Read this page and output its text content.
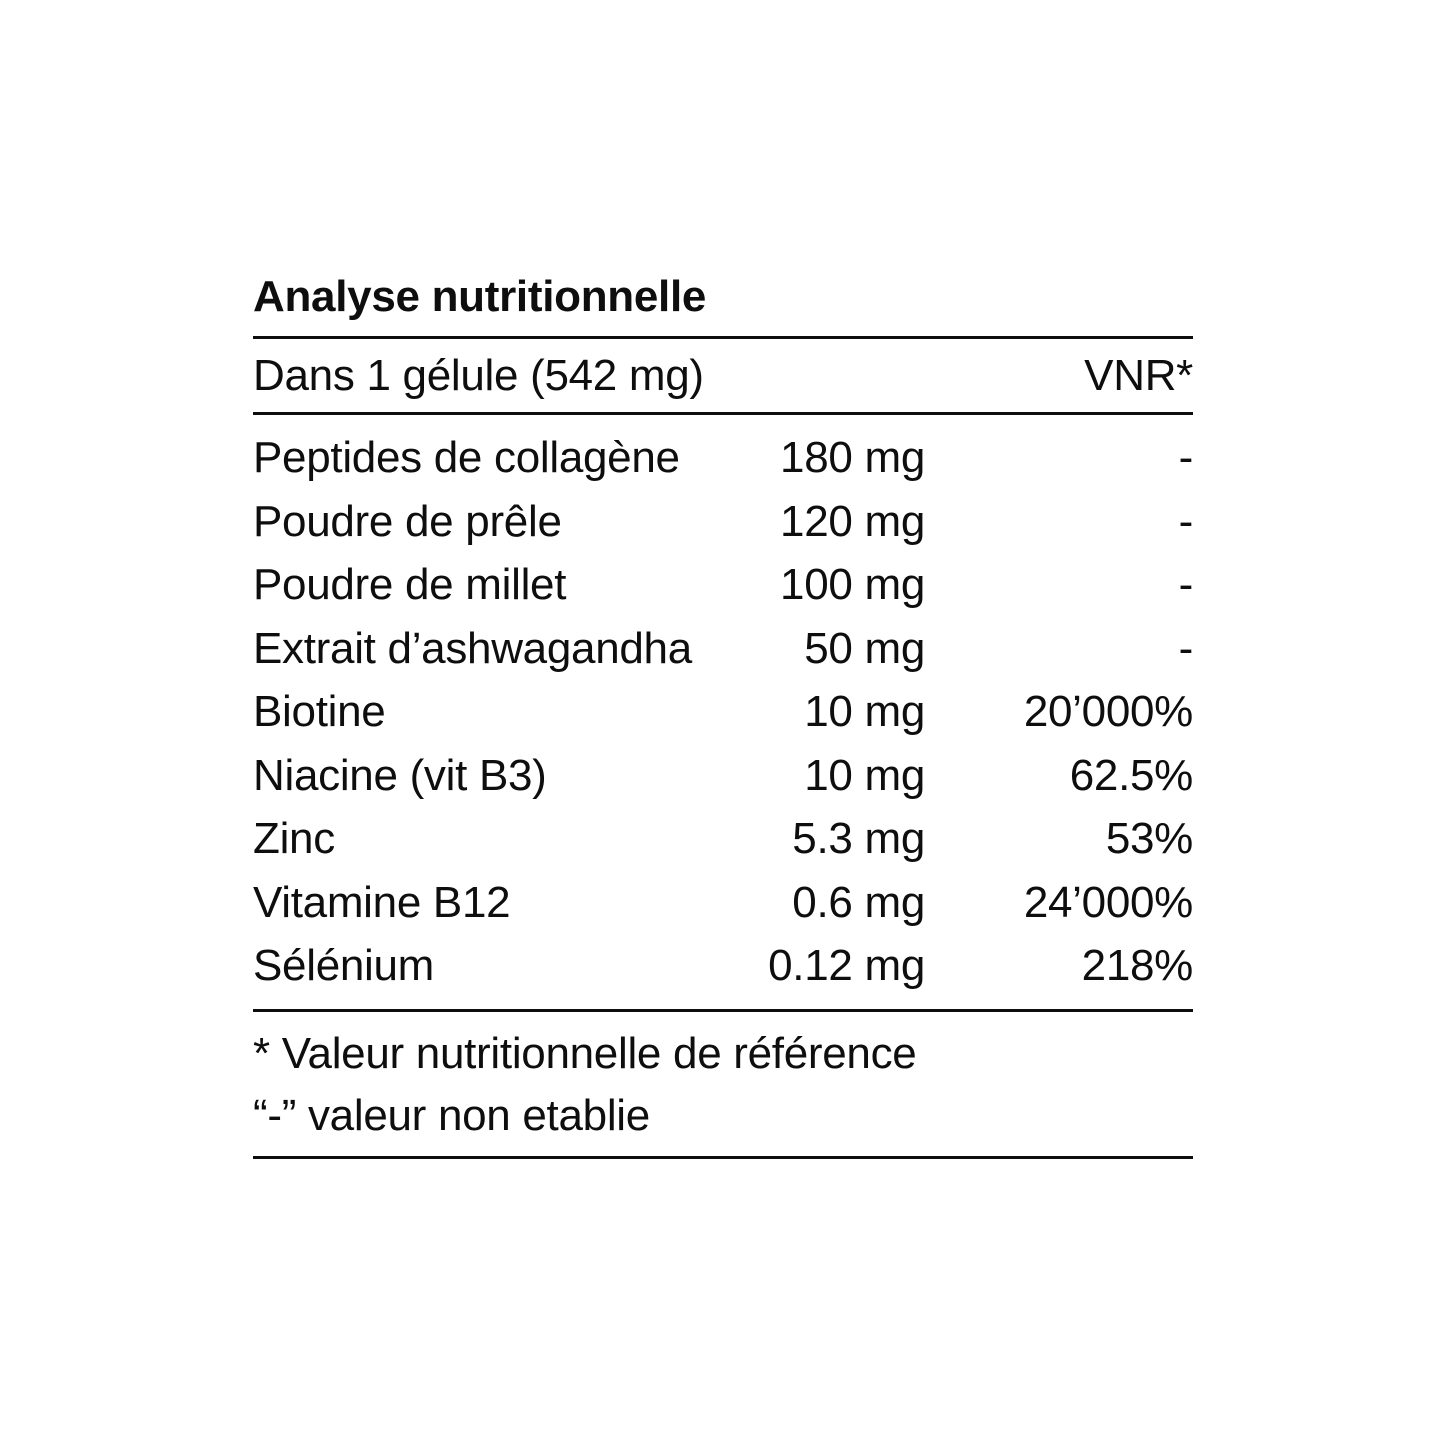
Analyse nutritionnelle
Dans 1 gélule (542 mg)	VNR*
Peptides de collagène 180 mg	-
Poudre de prêle	120 mg	-
Poudre de millet	100 mg	-
Extrait d’ashwagandha	50 mg	-
Biotine	10 mg 20’000%
Niacine (vit B3)	10 mg	62.5%
Zinc	5.3 mg	53%
Vitamine B12	0.6 mg 24’000%
Sélénium	0.12 mg	218%
* Valeur nutritionnelle de référence
“-” valeur non etablie
